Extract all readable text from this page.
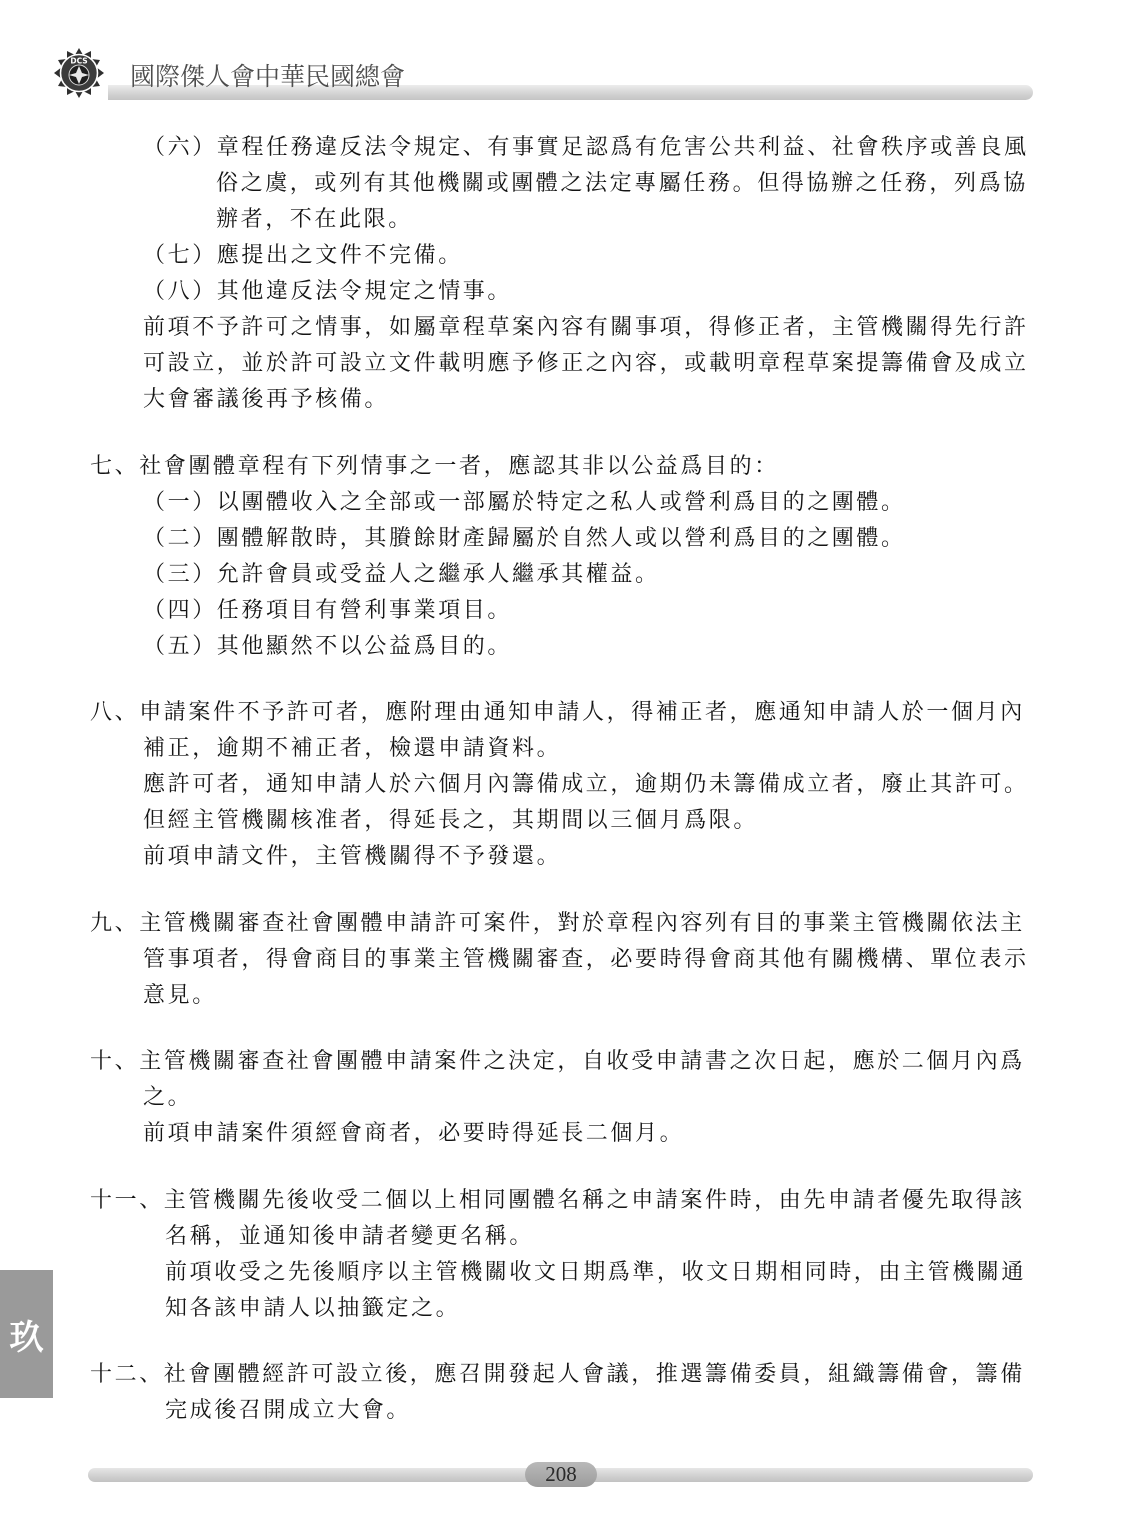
DCS
國際傑人會中華民國總會
（六）章程任務違反法令規定、有事實足認爲有危害公共利益、社會秩序或善良風
俗之虞，或列有其他機關或團體之法定專屬任務。但得協辦之任務，列爲協
辦者，不在此限。
（七）應提出之文件不完備。
（八）其他違反法令規定之情事。
前項不予許可之情事，如屬章程草案內容有關事項，得修正者，主管機關得先行許
可設立，並於許可設立文件載明應予修正之內容，或載明章程草案提籌備會及成立
大會審議後再予核備。
七、社會團體章程有下列情事之一者，應認其非以公益爲目的：
（一）以團體收入之全部或一部屬於特定之私人或營利爲目的之團體。
（二）團體解散時，其賸餘財產歸屬於自然人或以營利爲目的之團體。
（三）允許會員或受益人之繼承人繼承其權益。
（四）任務項目有營利事業項目。
（五）其他顯然不以公益爲目的。
八、申請案件不予許可者，應附理由通知申請人，得補正者，應通知申請人於一個月內
補正，逾期不補正者，檢還申請資料。
應許可者，通知申請人於六個月內籌備成立，逾期仍未籌備成立者，廢止其許可。
但經主管機關核准者，得延長之，其期間以三個月爲限。
前項申請文件，主管機關得不予發還。
九、主管機關審查社會團體申請許可案件，對於章程內容列有目的事業主管機關依法主
管事項者，得會商目的事業主管機關審查，必要時得會商其他有關機構、單位表示
意見。
十、主管機關審查社會團體申請案件之決定，自收受申請書之次日起，應於二個月內爲
之。
前項申請案件須經會商者，必要時得延長二個月。
十一、主管機關先後收受二個以上相同團體名稱之申請案件時，由先申請者優先取得該
名稱，並通知後申請者變更名稱。
前項收受之先後順序以主管機關收文日期爲準，收文日期相同時，由主管機關通
知各該申請人以抽籤定之。
十二、社會團體經許可設立後，應召開發起人會議，推選籌備委員，組織籌備會，籌備
完成後召開成立大會。
玖
208
